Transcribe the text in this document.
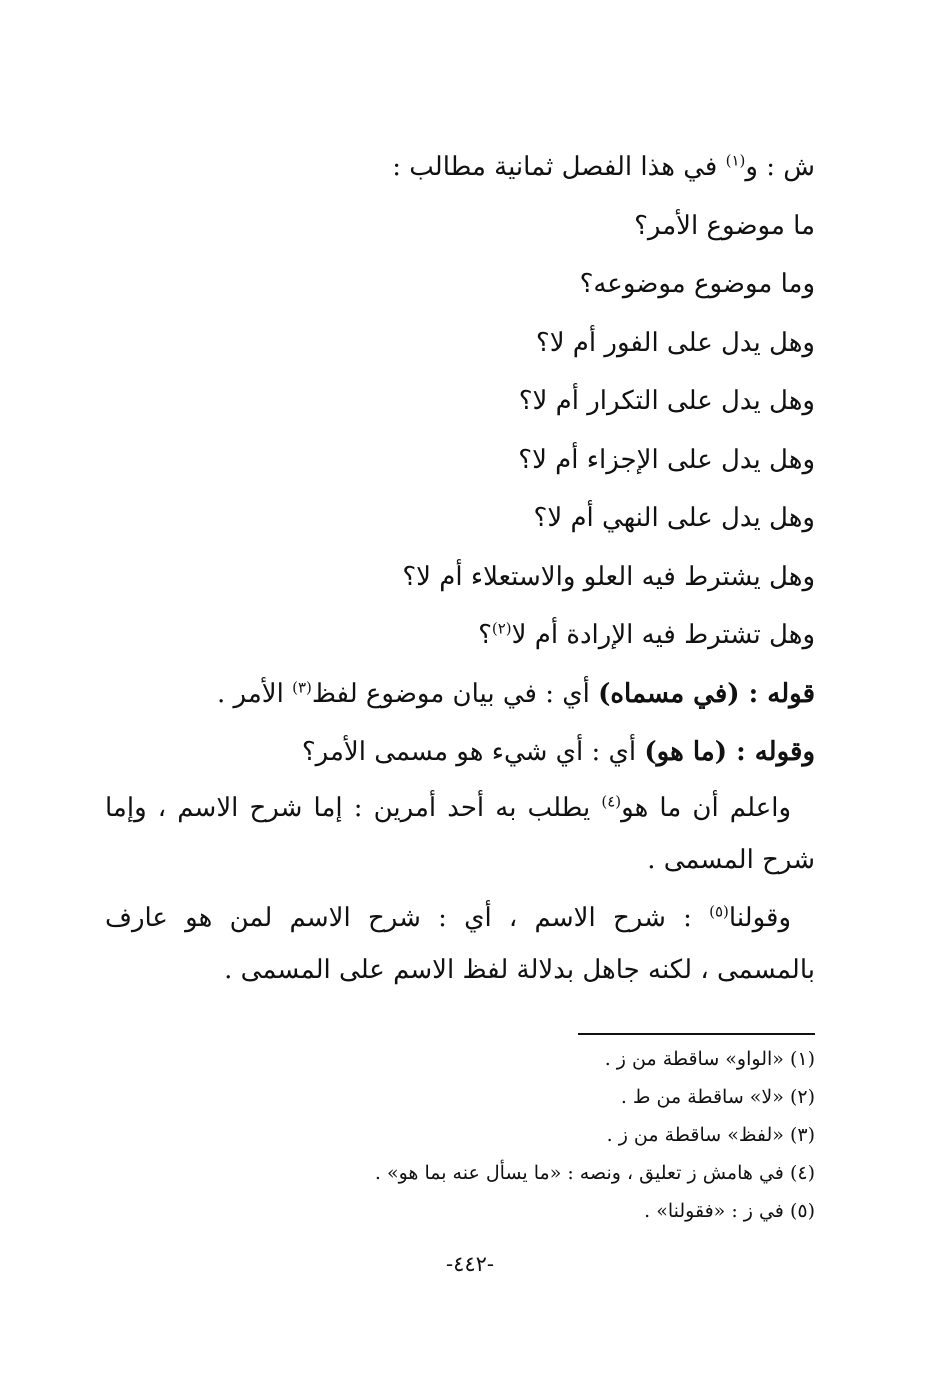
ش : و$^{(١)}$ في هذا الفصل ثمانية مطالب :
ما موضوع الأمر؟
وما موضوع موضوعه؟
وهل يدل على الفور أم لا؟
وهل يدل على التكرار أم لا؟
وهل يدل على الإجزاء أم لا؟
وهل يدل على النهي أم لا؟
وهل يشترط فيه العلو والاستعلاء أم لا؟
وهل تشترط فيه الإرادة أم لا$^{(٢)}$؟
قوله : (في مسماه) أي : في بيان موضوع لفظ$^{(٣)}$ الأمر .
وقوله : (ما هو) أي : أي شيء هو مسمى الأمر؟
واعلم أن ما هو$^{(٤)}$ يطلب به أحد أمرين : إما شرح الاسم ، وإما شرح المسمى .
وقولنا$^{(٥)}$ : شرح الاسم ، أي : شرح الاسم لمن هو عارف بالمسمى ، لكنه جاهل بدلالة لفظ الاسم على المسمى .
(١) «الواو» ساقطة من ز .
(٢) «لا» ساقطة من ط .
(٣) «لفظ» ساقطة من ز .
(٤) في هامش ز تعليق ، ونصه : «ما يسأل عنه بما هو» .
(٥) في ز : «فقولنا» .
-٤٤٢-
